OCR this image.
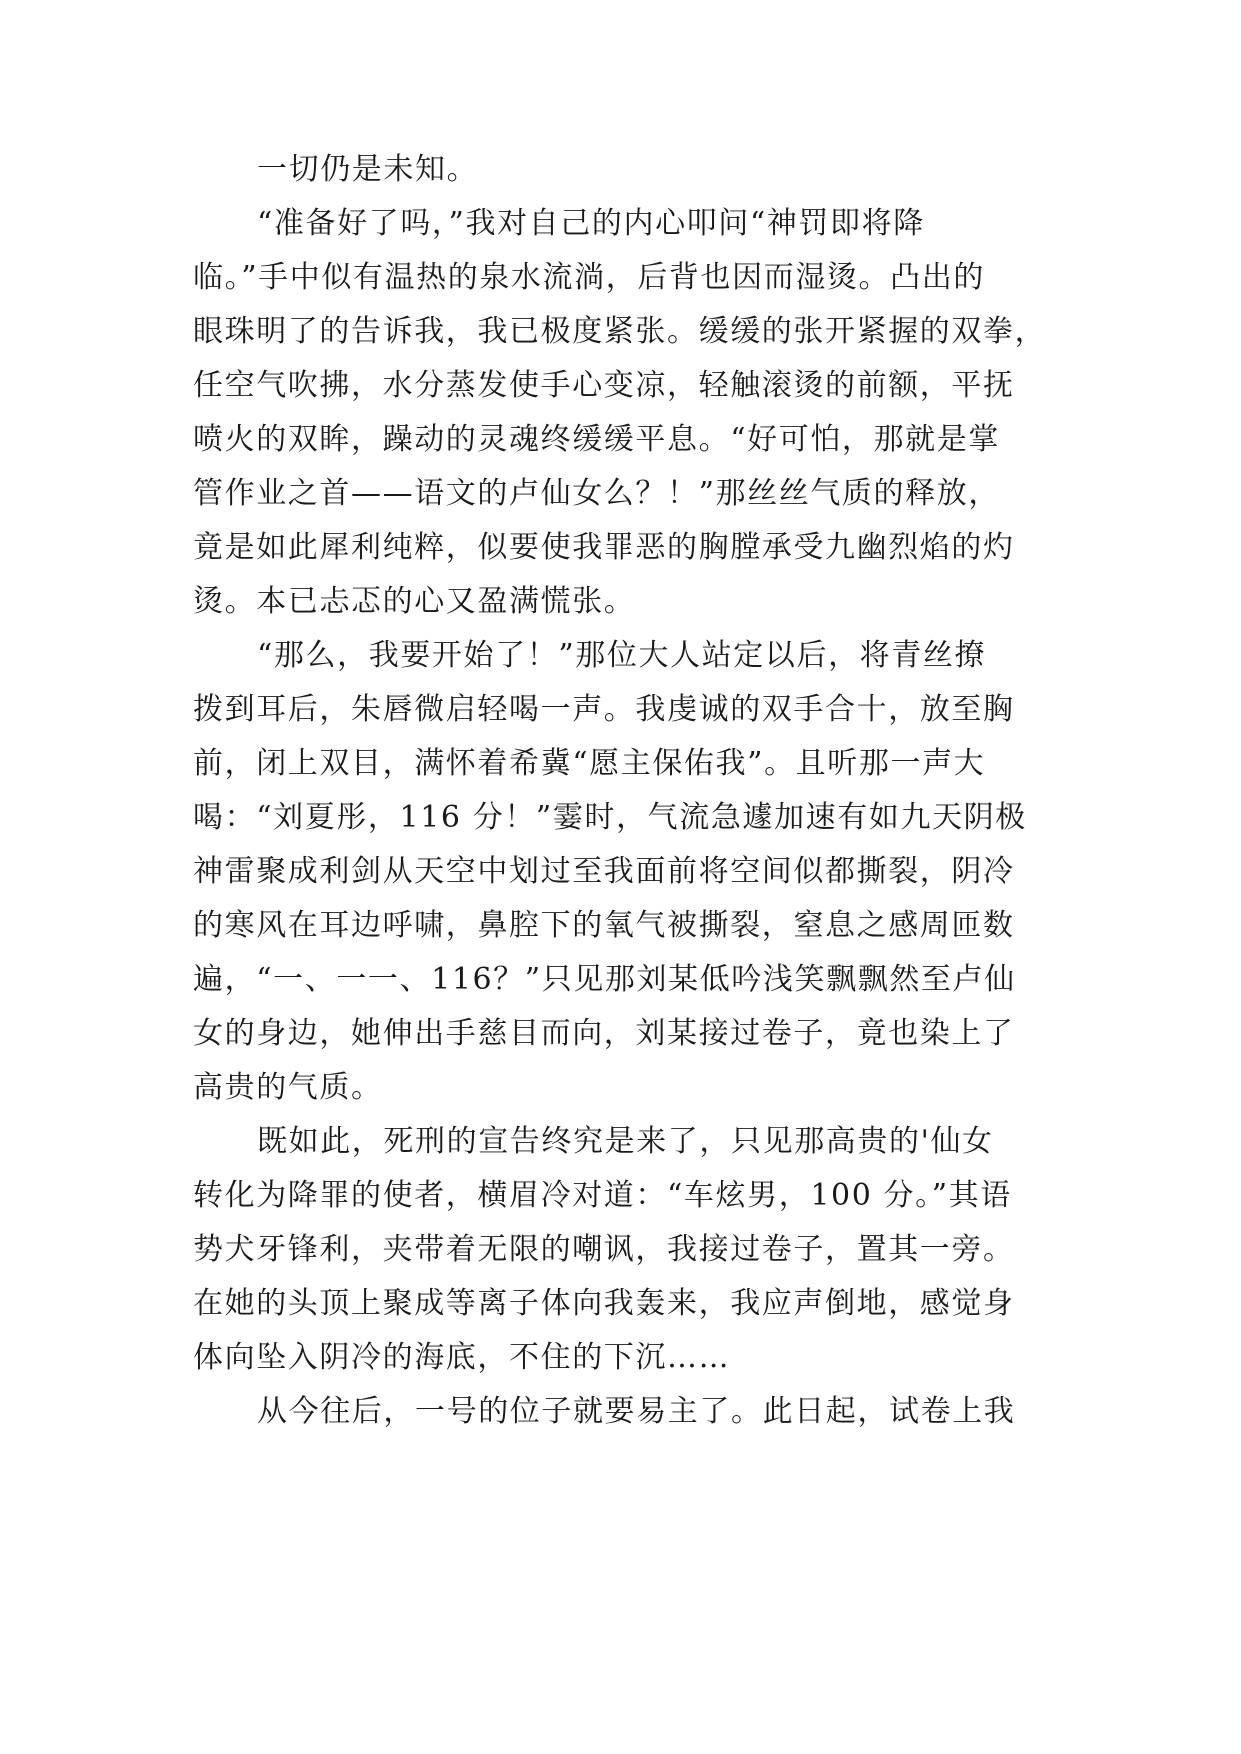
一切仍是未知。
“准备好了吗，”我对自己的内心叩问“神罚即将降
临。”手中似有温热的泉水流淌，后背也因而湿烫。凸出的
眼珠明了的告诉我，我已极度紧张。缓缓的张开紧握的双拳，
任空气吹拂，水分蒸发使手心变凉，轻触滚烫的前额，平抚
喷火的双眸，躁动的灵魂终缓缓平息。“好可怕，那就是掌
管作业之首——语文的卢仙女么？！”那丝丝气质的释放，
竟是如此犀利纯粹，似要使我罪恶的胸膛承受九幽烈焰的灼
烫。本已忐忑的心又盈满慌张。
“那么，我要开始了！”那位大人站定以后，将青丝撩
拨到耳后，朱唇微启轻喝一声。我虔诚的双手合十，放至胸
前，闭上双目，满怀着希冀“愿主保佑我”。且听那一声大
喝：“刘夏彤，116 分！”霎时，气流急遽加速有如九天阴极
神雷聚成利剑从天空中划过至我面前将空间似都撕裂，阴冷
的寒风在耳边呼啸，鼻腔下的氧气被撕裂，窒息之感周匝数
遍，“一、一一、116？”只见那刘某低吟浅笑飘飘然至卢仙
女的身边，她伸出手慈目而向，刘某接过卷子，竟也染上了
高贵的气质。
既如此，死刑的宣告终究是来了，只见那高贵的'仙女
转化为降罪的使者，横眉冷对道：“车炫男，100 分。”其语
势犬牙锋利，夹带着无限的嘲讽，我接过卷子，置其一旁。
在她的头顶上聚成等离子体向我轰来，我应声倒地，感觉身
体向坠入阴冷的海底，不住的下沉……
从今往后，一号的位子就要易主了。此日起，试卷上我
